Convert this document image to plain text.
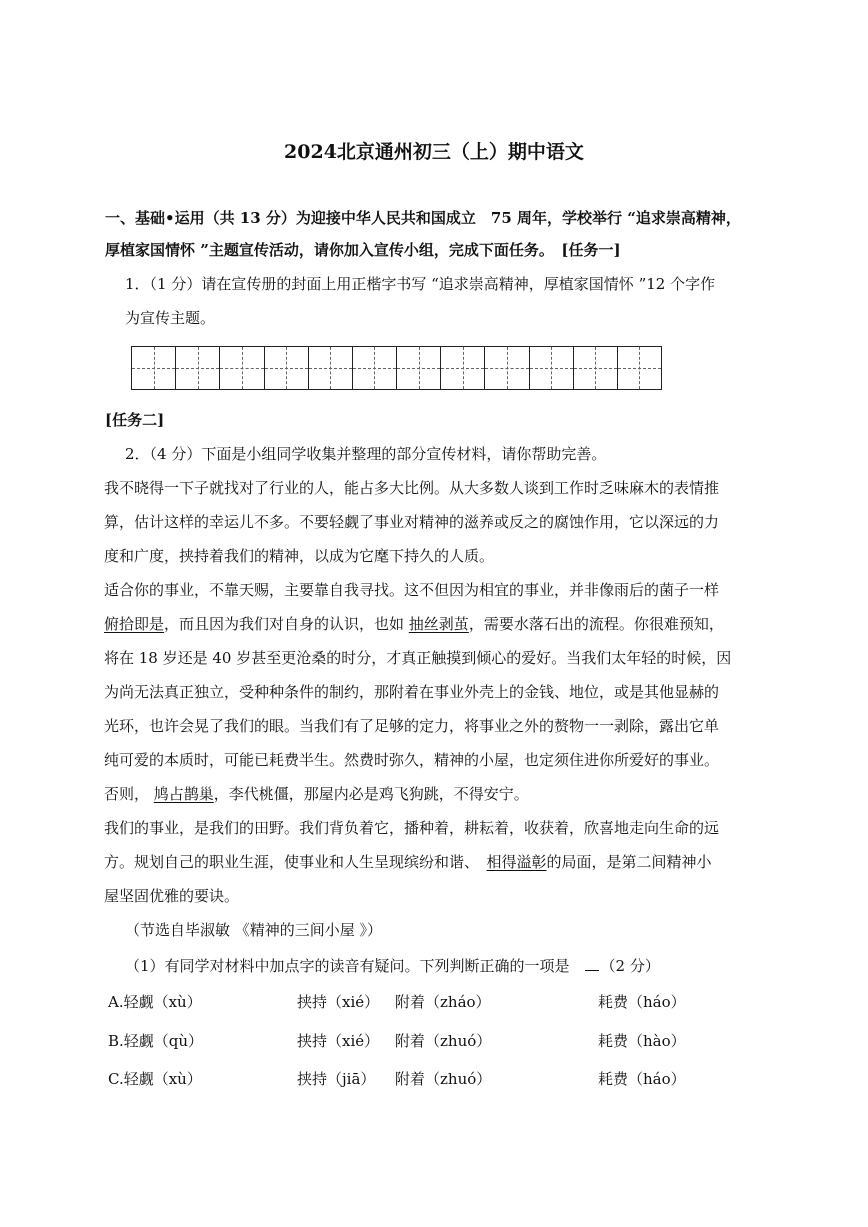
2024北京通州初三（上）期中语文
一、基础•运用（共 13 分）为迎接中华人民共和国成立　75 周年，学校举行 “追求崇高精神，
厚植家国情怀 ”主题宣传活动，请你加入宣传小组，完成下面任务。　[任务一]
1．（1 分）请在宣传册的封面上用正楷字书写 “追求崇高精神，厚植家国情怀 ”12 个字作
为宣传主题。
[任务二]
2．（4 分）下面是小组同学收集并整理的部分宣传材料，请你帮助完善。
我不晓得一下子就找对了行业的人，能占多大比例。从大多数人谈到工作时乏味麻木的表情推
算，估计这样的幸运儿不多。不要轻觑了事业对精神的滋养或反之的腐蚀作用，它以深远的力
度和广度，挟持着我们的精神，以成为它麾下持久的人质。
适合你的事业，不靠天赐，主要靠自我寻找。这不但因为相宜的事业，并非像雨后的菌子一样
俯拾即是，而且因为我们对自身的认识，也如 抽丝剥茧，需要水落石出的流程。你很难预知，
将在 18 岁还是 40 岁甚至更沧桑的时分，才真正触摸到倾心的爱好。当我们太年轻的时候，因
为尚无法真正独立，受种种条件的制约，那附着在事业外壳上的金钱、地位，或是其他显赫的
光环，也许会晃了我们的眼。当我们有了足够的定力，将事业之外的赘物一一剥除，露出它单
纯可爱的本质时，可能已耗费半生。然费时弥久，精神的小屋，也定须住进你所爱好的事业。
否则， 鸠占鹊巢，李代桃僵，那屋内必是鸡飞狗跳，不得安宁。
我们的事业，是我们的田野。我们背负着它，播种着，耕耘着，收获着，欣喜地走向生命的远
方。规划自己的职业生涯，使事业和人生呈现缤纷和谐、　相得溢彰的局面，是第二间精神小
屋坚固优雅的要诀。
（节选自毕淑敏 《精神的三间小屋 》）
（1）有同学对材料中加点字的读音有疑问。下列判断正确的一项是　（2 分）
A.轻觑（xù）	挟持（xié） 附着（zháo）	耗费（háo）
B.轻觑（qù）	挟持（xié） 附着（zhuó）	耗费（hào）
C.轻觑（xù）	挟持（jiā） 附着（zhuó）	耗费（háo）
